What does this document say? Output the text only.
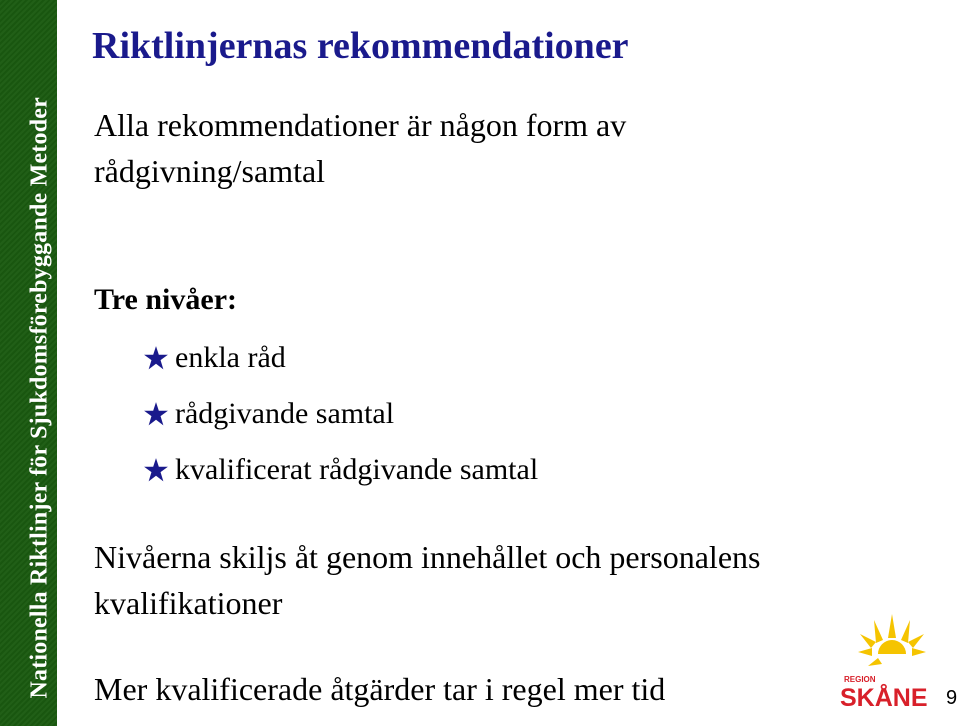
Nationella Riktlinjer för Sjukdomsförebyggande Metoder
Riktlinjernas rekommendationer
Alla rekommendationer är någon form av
rådgivning/samtal
Tre nivåer:
enkla råd
rådgivande samtal
kvalificerat rådgivande samtal
Nivåerna skiljs åt genom innehållet och personalens
kvalifikationer
Mer kvalificerade åtgärder tar i regel mer tid	REGION
SKÅNE 9
